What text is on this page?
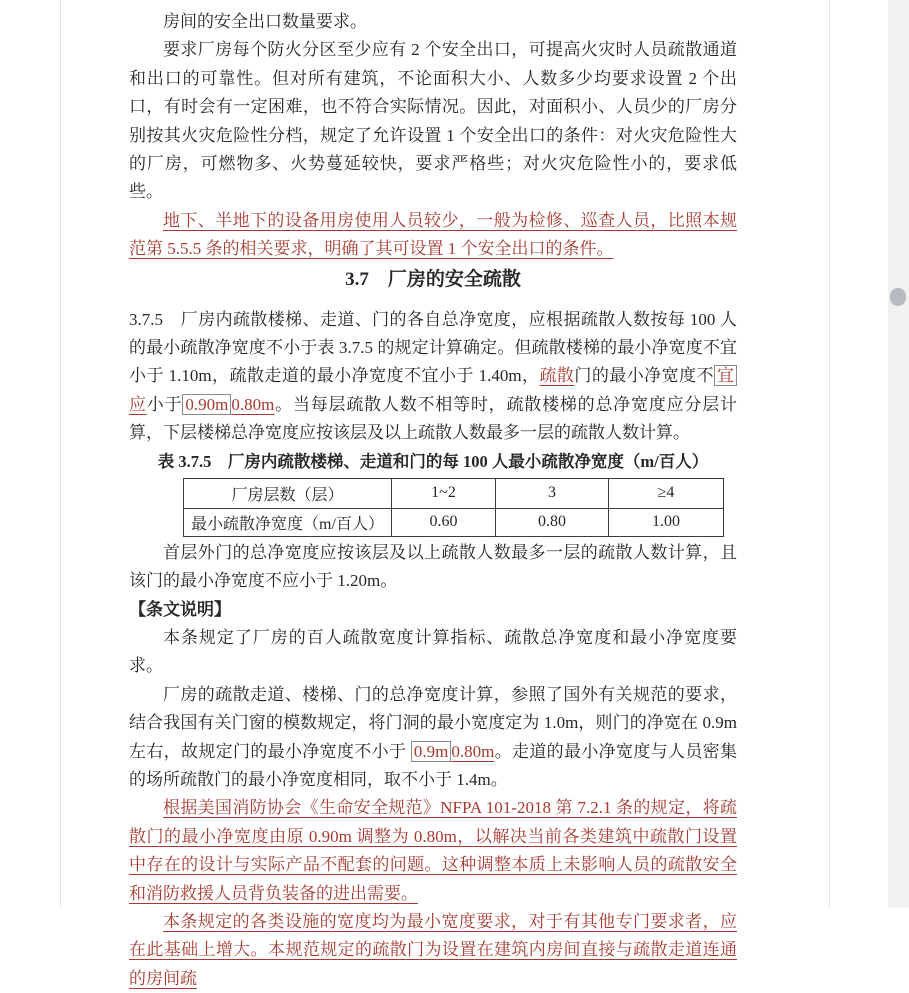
房间的安全出口数量要求。

要求厂房每个防火分区至少应有 2 个安全出口，可提高火灾时人员疏散通道和出口的可靠性。但对所有建筑，不论面积大小、人数多少均要求设置 2 个出口，有时会有一定困难，也不符合实际情况。因此，对面积小、人员少的厂房分别按其火灾危险性分档，规定了允许设置 1 个安全出口的条件：对火灾危险性大的厂房，可燃物多、火势蔓延较快，要求严格些；对火灾危险性小的，要求低些。

地下、半地下的设备用房使用人员较少，一般为检修、巡查人员，比照本规范第 5.5.5 条的相关要求，明确了其可设置 1 个安全出口的条件。

3.7　厂房的安全疏散

3.7.5　厂房内疏散楼梯、走道、门的各自总净宽度，应根据疏散人数按每 100 人的最小疏散净宽度不小于表 3.7.5 的规定计算确定。但疏散楼梯的最小净宽度不宜小于 1.10m，疏散走道的最小净宽度不宜小于 1.40m，疏散门的最小净宽度不 宜应小于 0.90m 0.80m。当每层疏散人数不相等时，疏散楼梯的总净宽度应分层计算，下层楼梯总净宽度应按该层及以上疏散人数最多一层的疏散人数计算。

表 3.7.5　厂房内疏散楼梯、走道和门的每 100 人最小疏散净宽度（m/百人）

厂房层数（层）	1~2	3	≥4
最小疏散净宽度（m/百人）	0.60	0.80	1.00

首层外门的总净宽度应按该层及以上疏散人数最多一层的疏散人数计算，且该门的最小净宽度不应小于 1.20m。

【条文说明】

本条规定了厂房的百人疏散宽度计算指标、疏散总净宽度和最小净宽度要求。

厂房的疏散走道、楼梯、门的总净宽度计算，参照了国外有关规范的要求，结合我国有关门窗的模数规定，将门洞的最小宽度定为 1.0m，则门的净宽在 0.9m 左右，故规定门的最小净宽度不小于 0.9m 0.80m。走道的最小净宽度与人员密集的场所疏散门的最小净宽度相同，取不小于 1.4m。

根据美国消防协会《生命安全规范》NFPA 101-2018 第 7.2.1 条的规定，将疏散门的最小净宽度由原 0.90m 调整为 0.80m，以解决当前各类建筑中疏散门设置中存在的设计与实际产品不配套的问题。这种调整本质上未影响人员的疏散安全和消防救援人员背负装备的进出需要。

本条规定的各类设施的宽度均为最小宽度要求，对于有其他专门要求者，应在此基础上增大。本规范规定的疏散门为设置在建筑内房间直接与疏散走道连通的房间疏
